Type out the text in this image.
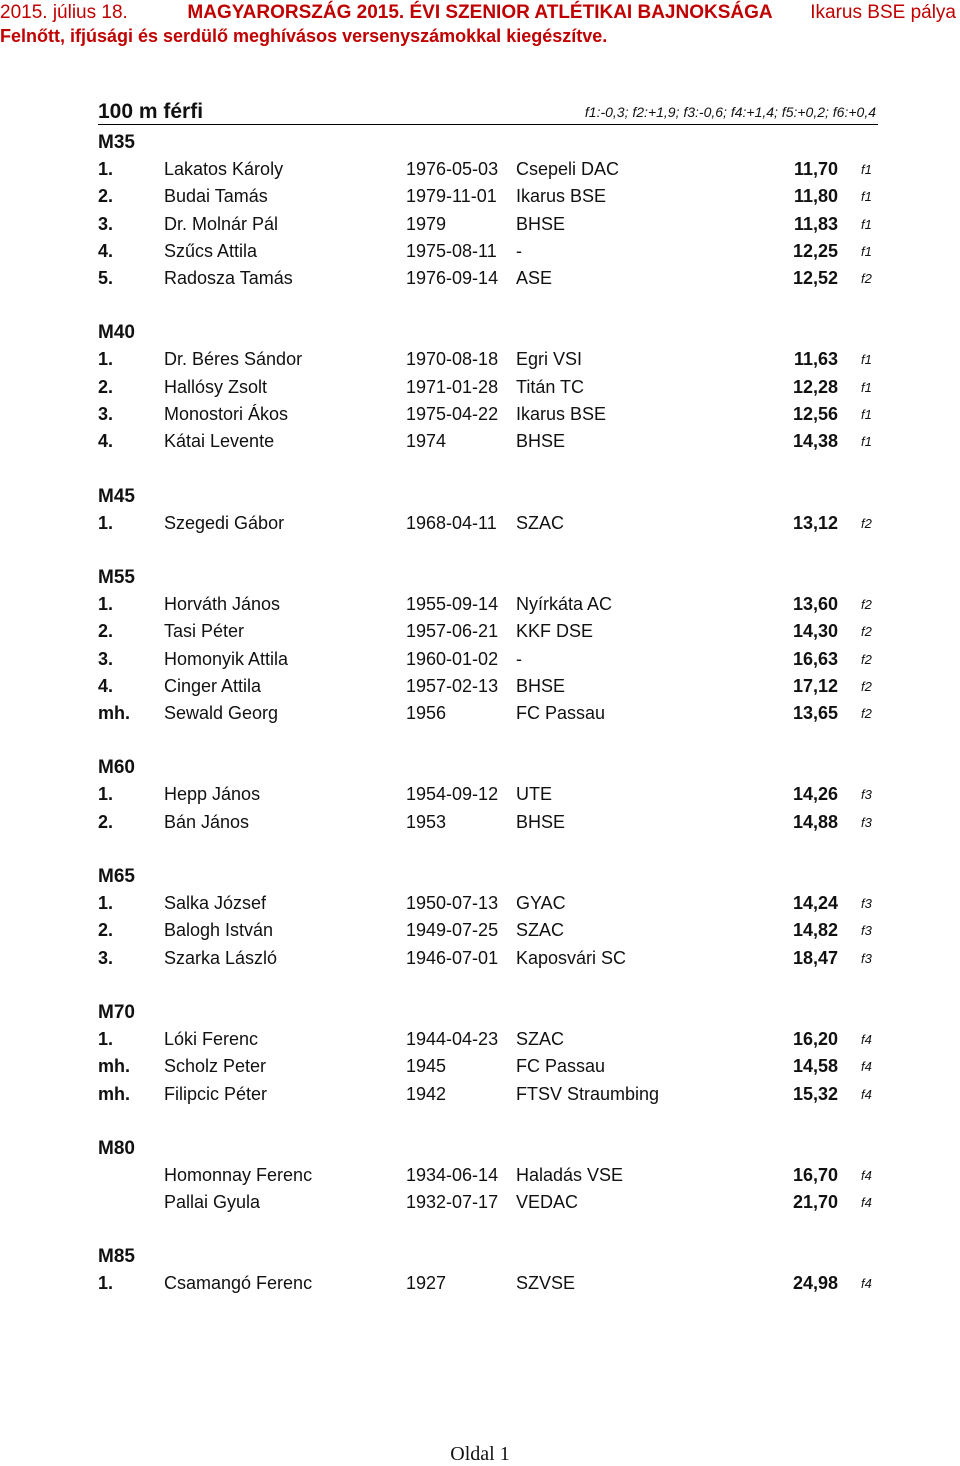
2015. július 18.	MAGYARORSZÁG 2015. ÉVI SZENIOR ATLÉTIKAI BAJNOKSÁGA	Ikarus BSE pálya
Felnőtt, ifjúsági és serdülő meghívásos versenyszámokkal kiegészítve.
100 m férfi	f1:-0,3; f2:+1,9; f3:-0,6; f4:+1,4; f5:+0,2; f6:+0,4
M35
1.	Lakatos Károly	1976-05-03 Csepeli DAC	11,70 f1
2.	Budai Tamás	1979-11-01 Ikarus BSE	11,80 f1
3.	Dr. Molnár Pál	1979	BHSE	11,83 f1
4.	Szűcs Attila	1975-08-11 -	12,25 f1
5.	Radosza Tamás	1976-09-14 ASE	12,52 f2
M40
1.	Dr. Béres Sándor	1970-08-18 Egri VSI	11,63 f1
2.	Hallósy Zsolt	1971-01-28 Titán TC	12,28 f1
3.	Monostori Ákos	1975-04-22 Ikarus BSE	12,56 f1
4.	Kátai Levente	1974	BHSE	14,38 f1
M45
1.	Szegedi Gábor	1968-04-11 SZAC	13,12 f2
M55
1.	Horváth János	1955-09-14 Nyírkáta AC	13,60 f2
2.	Tasi Péter	1957-06-21 KKF DSE	14,30 f2
3.	Homonyik Attila	1960-01-02 -	16,63 f2
4.	Cinger Attila	1957-02-13 BHSE	17,12 f2
mh. Sewald Georg	1956	FC Passau	13,65 f2
M60
1.	Hepp János	1954-09-12 UTE	14,26 f3
2.	Bán János	1953	BHSE	14,88 f3
M65
1.	Salka József	1950-07-13 GYAC	14,24 f3
2.	Balogh István	1949-07-25 SZAC	14,82 f3
3.	Szarka László	1946-07-01 Kaposvári SC	18,47 f3
M70
1.	Lóki Ferenc	1944-04-23 SZAC	16,20 f4
mh. Scholz Peter	1945	FC Passau	14,58 f4
mh. Filipcic Péter	1942	FTSV Straumbing	15,32 f4
M80
Homonnay Ferenc	1934-06-14 Haladás VSE	16,70 f4
Pallai Gyula	1932-07-17 VEDAC	21,70 f4
M85
1.	Csamangó Ferenc	1927	SZVSE	24,98 f4
Oldal 1
